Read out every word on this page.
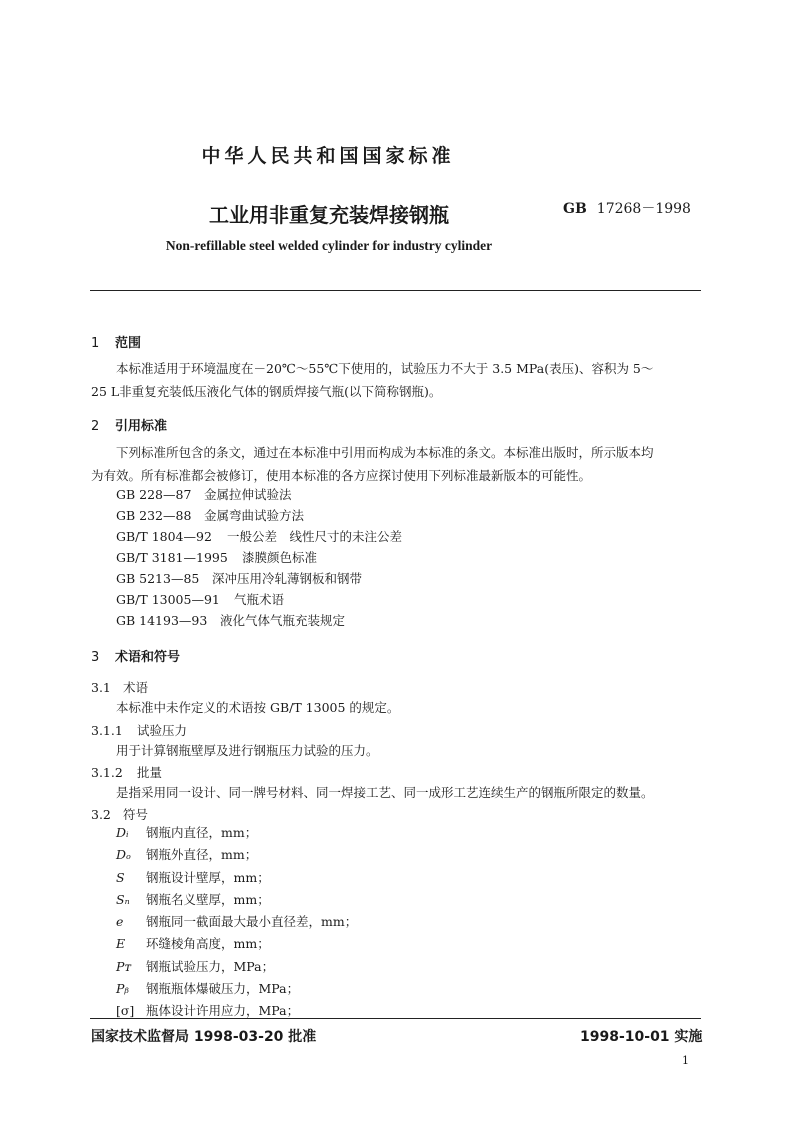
中华人民共和国国家标准
工业用非重复充装焊接钢瓶	GB 17268－1998
Non-refillable steel welded cylinder for industry cylinder
1 范围

本标准适用于环境温度在－20℃～55℃下使用的，试验压力不大于 3.5 MPa(表压)、容积为 5～

25 L非重复充装低压液化气体的钢质焊接气瓶(以下简称钢瓶)。
2 引用标准

下列标准所包含的条文，通过在本标准中引用而构成为本标准的条文。本标准出版时，所示版本均

为有效。所有标准都会被修订，使用本标准的各方应探讨使用下列标准最新版本的可能性。
GB 228—87 金属拉伸试验法
GB 232—88 金属弯曲试验方法
GB/T 1804—92 一般公差　线性尺寸的未注公差
GB/T 3181—1995 漆膜颜色标准
GB 5213—85 深冲压用冷轧薄钢板和钢带
GB/T 13005—91 气瓶术语
GB 14193—93 液化气体气瓶充装规定
3 术语和符号
3.1 术语
本标准中未作定义的术语按 GB/T 13005 的规定。
3.1.1 试验压力
用于计算钢瓶壁厚及进行钢瓶压力试验的压力。
3.1.2 批量
是指采用同一设计、同一牌号材料、同一焊接工艺、同一成形工艺连续生产的钢瓶所限定的数量。
3.2 符号
Dᵢ 钢瓶内直径，mm；
Dₒ 钢瓶外直径，mm；
S 钢瓶设计壁厚，mm；
Sₙ 钢瓶名义壁厚，mm；
e 钢瓶同一截面最大最小直径差，mm；
E 环缝棱角高度，mm；
Pᴛ 钢瓶试验压力，MPa；
Pᵦ 钢瓶瓶体爆破压力，MPa；
[σ] 瓶体设计许用应力，MPa；
国家技术监督局 1998-03-20 批准	1998-10-01 实施
1
